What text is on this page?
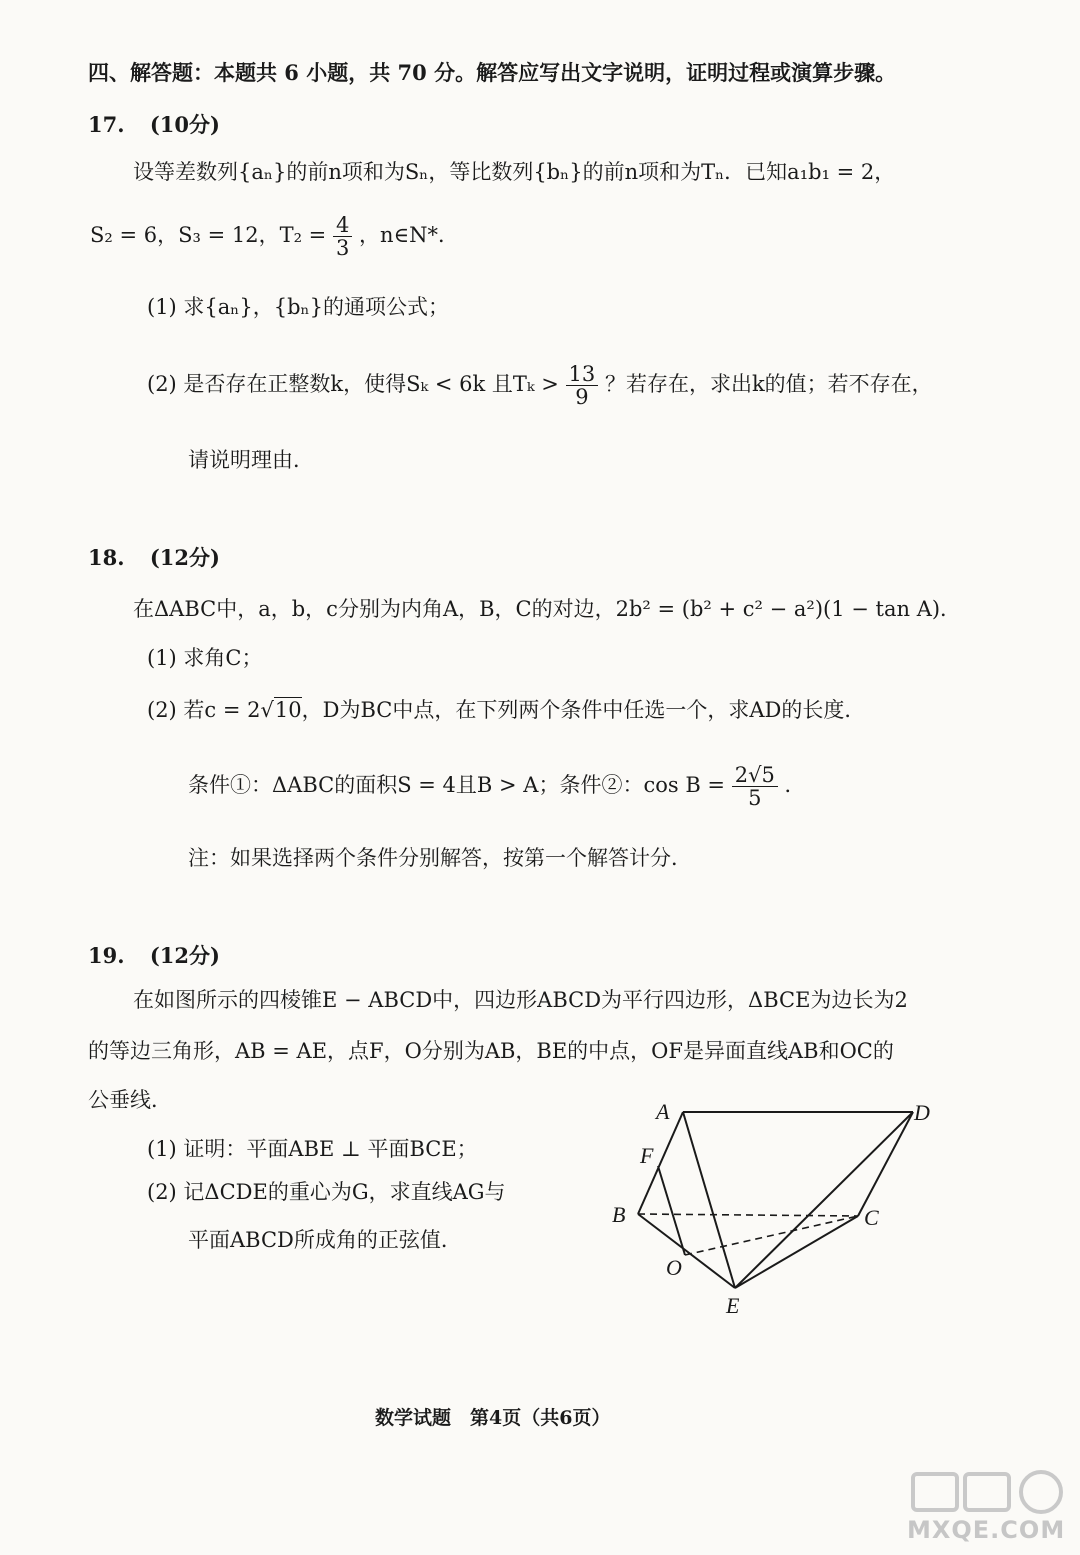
四、解答题：本题共 6 小题，共 70 分。解答应写出文字说明，证明过程或演算步骤。
17. (10分)
设等差数列{aₙ}的前n项和为Sₙ，等比数列{bₙ}的前n项和为Tₙ．已知a₁b₁ = 2，
S₂ = 6，S₃ = 12，$T_2 = \frac{4}{3}$ ，n∈N*．
(1) 求{aₙ}，{bₙ}的通项公式；
(2) 是否存在正整数k，使得Sₖ < 6k 且$T_k > \frac{13}{9}$ ？若存在，求出k的值；若不存在，
请说明理由．
18. (12分)
在ΔABC中，a，b，c分别为内角A，B，C的对边，2b² = (b² + c² − a²)(1 − tan A)．
(1) 求角C；
(2) 若c = 2√10，D为BC中点，在下列两个条件中任选一个，求AD的长度．
条件①：ΔABC的面积S = 4且B > A；条件②：$\cos B = \frac{2√5}{5}$ ．
注：如果选择两个条件分别解答，按第一个解答计分．
19. (12分)
在如图所示的四棱锥E − ABCD中，四边形ABCD为平行四边形，ΔBCE为边长为2
的等边三角形，AB = AE，点F，O分别为AB，BE的中点，OF是异面直线AB和OC的
公垂线．
(1) 证明：平面ABE ⊥ 平面BCE；
(2) 记ΔCDE的重心为G，求直线AG与
平面ABCD所成角的正弦值．
A	D
F
B	C
O
E
数学试题　第4页（共6页）
MXQE.COM
